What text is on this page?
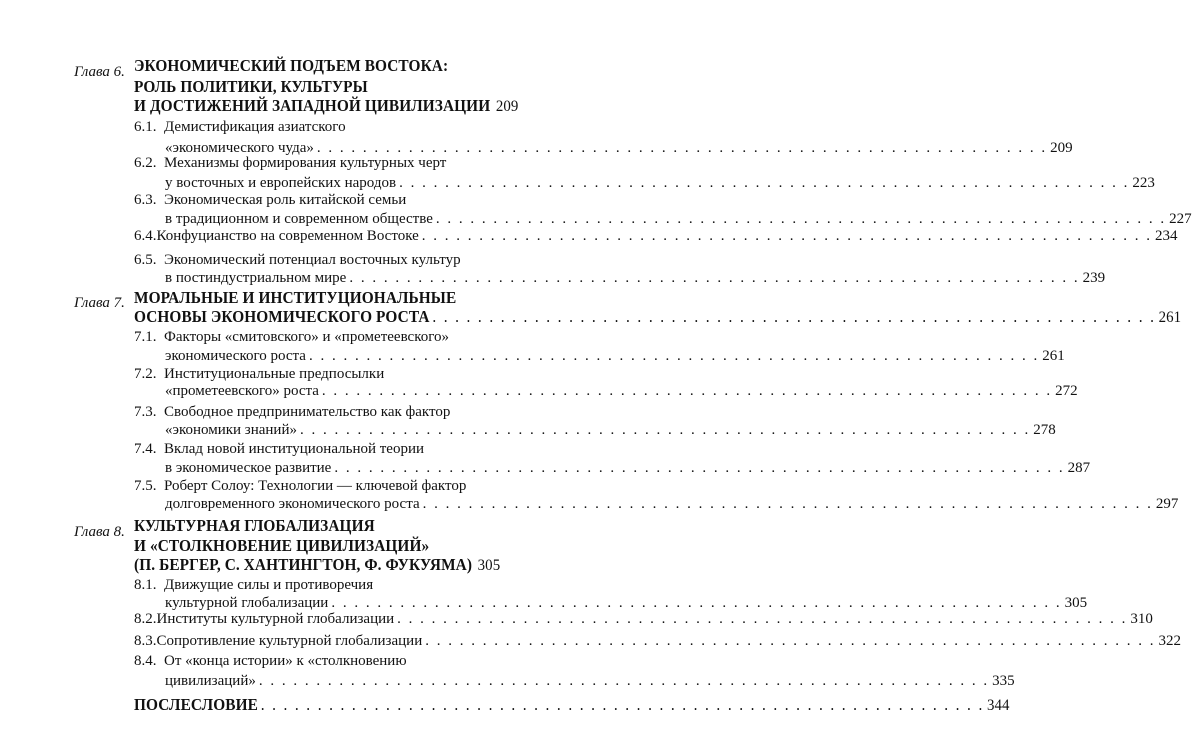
Глава 6. ЭКОНОМИЧЕСКИЙ ПОДЪЕМ ВОСТОКА:
РОЛЬ ПОЛИТИКИ, КУЛЬТУРЫ
И ДОСТИЖЕНИЙ ЗАПАДНОЙ ЦИВИЛИЗАЦИИ 209
6.1. Демистификация азиатского
«экономического чуда» . . . . . . . . . . . . . . . . . . . . . . . . . . . . . . . . . . . . . . . . . . . . . . . . . . . . . . . . . . . . . . . . 209
6.2. Механизмы формирования культурных черт
у восточных и европейских народов . . . . . . . . . . . . . . . . . . . . . . . . . . . . . . . . . . . . . . . . . . . . . . . . . . . . . . . . . . . . . . . . 223
6.3. Экономическая роль китайской семьи
в традиционном и современном обществе . . . . . . . . . . . . . . . . . . . . . . . . . . . . . . . . . . . . . . . . . . . . . . . . . . . . . . . . . . . . . . . . 227
6.4. Конфуцианство на современном Востоке . . . . . . . . . . . . . . . . . . . . . . . . . . . . . . . . . . . . . . . . . . . . . . . . . . . . . . . . . . . . . . . . 234
6.5. Экономический потенциал восточных культур
в постиндустриальном мире . . . . . . . . . . . . . . . . . . . . . . . . . . . . . . . . . . . . . . . . . . . . . . . . . . . . . . . . . . . . . . . . 239
Глава 7. МОРАЛЬНЫЕ И ИНСТИТУЦИОНАЛЬНЫЕ
ОСНОВЫ ЭКОНОМИЧЕСКОГО РОСТА . . . . . . . . . . . . . . . . . . . . . . . . . . . . . . . . . . . . . . . . . . . . . . . . . . . . . . . . . . . . . . . . 261
7.1. Факторы «смитовского» и «прометеевского»
экономического роста . . . . . . . . . . . . . . . . . . . . . . . . . . . . . . . . . . . . . . . . . . . . . . . . . . . . . . . . . . . . . . . . 261
7.2. Институциональные предпосылки
«прометеевского» роста . . . . . . . . . . . . . . . . . . . . . . . . . . . . . . . . . . . . . . . . . . . . . . . . . . . . . . . . . . . . . . . . 272
7.3. Свободное предпринимательство как фактор
«экономики знаний» . . . . . . . . . . . . . . . . . . . . . . . . . . . . . . . . . . . . . . . . . . . . . . . . . . . . . . . . . . . . . . . . 278
7.4. Вклад новой институциональной теории
в экономическое развитие . . . . . . . . . . . . . . . . . . . . . . . . . . . . . . . . . . . . . . . . . . . . . . . . . . . . . . . . . . . . . . . . 287
7.5. Роберт Солоу: Технологии — ключевой фактор
долговременного экономического роста . . . . . . . . . . . . . . . . . . . . . . . . . . . . . . . . . . . . . . . . . . . . . . . . . . . . . . . . . . . . . . . . 297
Глава 8. КУЛЬТУРНАЯ ГЛОБАЛИЗАЦИЯ
И «СТОЛКНОВЕНИЕ ЦИВИЛИЗАЦИЙ»
(П. БЕРГЕР, С. ХАНТИНГТОН, Ф. ФУКУЯМА) 305
8.1. Движущие силы и противоречия
культурной глобализации . . . . . . . . . . . . . . . . . . . . . . . . . . . . . . . . . . . . . . . . . . . . . . . . . . . . . . . . . . . . . . . . 305
8.2. Институты культурной глобализации . . . . . . . . . . . . . . . . . . . . . . . . . . . . . . . . . . . . . . . . . . . . . . . . . . . . . . . . . . . . . . . . 310
8.3. Сопротивление культурной глобализации . . . . . . . . . . . . . . . . . . . . . . . . . . . . . . . . . . . . . . . . . . . . . . . . . . . . . . . . . . . . . . . . 322
8.4. От «конца истории» к «столкновению
цивилизаций» . . . . . . . . . . . . . . . . . . . . . . . . . . . . . . . . . . . . . . . . . . . . . . . . . . . . . . . . . . . . . . . . 335
ПОСЛЕСЛОВИЕ . . . . . . . . . . . . . . . . . . . . . . . . . . . . . . . . . . . . . . . . . . . . . . . . . . . . . . . . . . . . . . . . 344
